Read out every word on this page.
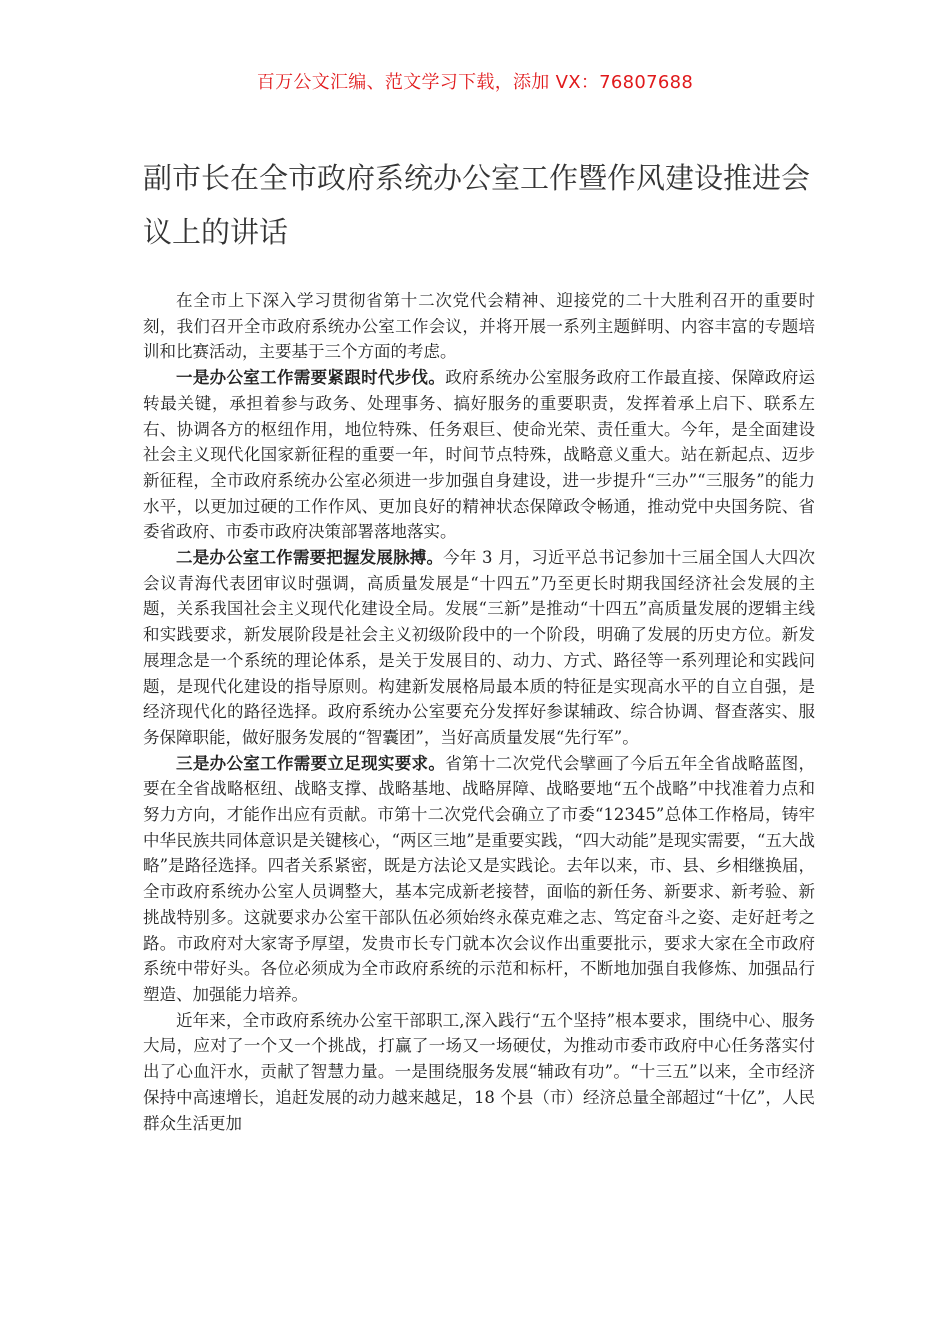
百万公文汇编、范文学习下载，添加 VX：76807688
副市长在全市政府系统办公室工作暨作风建设推进会议上的讲话

在全市上下深入学习贯彻省第十二次党代会精神、迎接党的二十大胜利召开的重要时刻，我们召开全市政府系统办公室工作会议，并将开展一系列主题鲜明、内容丰富的专题培训和比赛活动，主要基于三个方面的考虑。

一是办公室工作需要紧跟时代步伐。政府系统办公室服务政府工作最直接、保障政府运转最关键，承担着参与政务、处理事务、搞好服务的重要职责，发挥着承上启下、联系左右、协调各方的枢纽作用，地位特殊、任务艰巨、使命光荣、责任重大。今年，是全面建设社会主义现代化国家新征程的重要一年，时间节点特殊，战略意义重大。站在新起点、迈步新征程，全市政府系统办公室必须进一步加强自身建设，进一步提升“三办”“三服务”的能力水平，以更加过硬的工作作风、更加良好的精神状态保障政令畅通，推动党中央国务院、省委省政府、市委市政府决策部署落地落实。

二是办公室工作需要把握发展脉搏。今年 3 月，习近平总书记参加十三届全国人大四次会议青海代表团审议时强调，高质量发展是“十四五”乃至更长时期我国经济社会发展的主题，关系我国社会主义现代化建设全局。发展“三新”是推动“十四五”高质量发展的逻辑主线和实践要求，新发展阶段是社会主义初级阶段中的一个阶段，明确了发展的历史方位。新发展理念是一个系统的理论体系，是关于发展目的、动力、方式、路径等一系列理论和实践问题，是现代化建设的指导原则。构建新发展格局最本质的特征是实现高水平的自立自强，是经济现代化的路径选择。政府系统办公室要充分发挥好参谋辅政、综合协调、督查落实、服务保障职能，做好服务发展的“智囊团”，当好高质量发展“先行军”。

三是办公室工作需要立足现实要求。省第十二次党代会擘画了今后五年全省战略蓝图，要在全省战略枢纽、战略支撑、战略基地、战略屏障、战略要地“五个战略”中找准着力点和努力方向，才能作出应有贡献。市第十二次党代会确立了市委“12345”总体工作格局，铸牢中华民族共同体意识是关键核心，“两区三地”是重要实践，“四大动能”是现实需要，“五大战略”是路径选择。四者关系紧密，既是方法论又是实践论。去年以来，市、县、乡相继换届，全市政府系统办公室人员调整大，基本完成新老接替，面临的新任务、新要求、新考验、新挑战特别多。这就要求办公室干部队伍必须始终永葆克难之志、笃定奋斗之姿、走好赶考之路。市政府对大家寄予厚望，发贵市长专门就本次会议作出重要批示，要求大家在全市政府系统中带好头。各位必须成为全市政府系统的示范和标杆，不断地加强自我修炼、加强品行塑造、加强能力培养。

近年来，全市政府系统办公室干部职工,深入践行“五个坚持”根本要求，围绕中心、服务大局，应对了一个又一个挑战，打赢了一场又一场硬仗，为推动市委市政府中心任务落实付出了心血汗水，贡献了智慧力量。一是围绕服务发展“辅政有功”。“十三五”以来，全市经济保持中高速增长，追赶发展的动力越来越足，18 个县（市）经济总量全部超过“十亿”，人民群众生活更加
